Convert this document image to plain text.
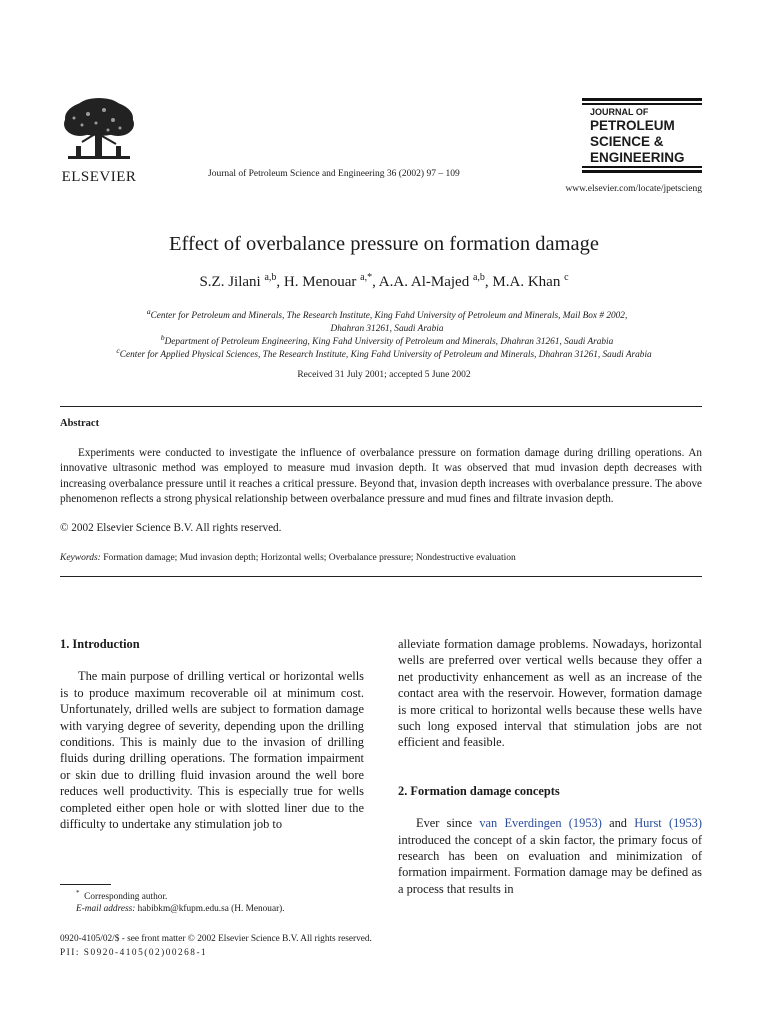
ELSEVIER	Journal of Petroleum Science and Engineering 36 (2002) 97 – 109
JOURNAL OF
PETROLEUM
SCIENCE &
ENGINEERING
www.elsevier.com/locate/jpetscieng
Effect of overbalance pressure on formation damage
S.Z. Jilani $^{a,b}$, H. Menouar $^{a,*}$, A.A. Al-Majed $^{a,b}$, M.A. Khan $^c$
$^a$Center for Petroleum and Minerals, The Research Institute, King Fahd University of Petroleum and Minerals, Mail Box # 2002,
Dhahran 31261, Saudi Arabia
$^b$Department of Petroleum Engineering, King Fahd University of Petroleum and Minerals, Dhahran 31261, Saudi Arabia
$^c$Center for Applied Physical Sciences, The Research Institute, King Fahd University of Petroleum and Minerals, Dhahran 31261, Saudi Arabia
Received 31 July 2001; accepted 5 June 2002
Abstract
Experiments were conducted to investigate the influence of overbalance pressure on formation damage during drilling operations. An innovative ultrasonic method was employed to measure mud invasion depth. It was observed that mud invasion depth decreases with increasing overbalance pressure until it reaches a critical pressure. Beyond that, invasion depth increases with overbalance pressure. The above phenomenon reflects a strong physical relationship between overbalance pressure and mud fines and filtrate invasion depth.
© 2002 Elsevier Science B.V. All rights reserved.
Keywords: Formation damage; Mud invasion depth; Horizontal wells; Overbalance pressure; Nondestructive evaluation
1. Introduction
The main purpose of drilling vertical or horizontal wells is to produce maximum recoverable oil at minimum cost. Unfortunately, drilled wells are subject to formation damage with varying degree of severity, depending upon the drilling conditions. This is mainly due to the invasion of drilling fluids during drilling operations. The formation impairment or skin due to drilling fluid invasion around the well bore reduces well productivity. This is especially true for wells completed either open hole or with slotted liner due to the difficulty to undertake any stimulation job to
alleviate formation damage problems. Nowadays, horizontal wells are preferred over vertical wells because they offer a net productivity enhancement as well as an increase of the contact area with the reservoir. However, formation damage is more critical to horizontal wells because these wells have such long exposed interval that stimulation jobs are not efficient and feasible.
2. Formation damage concepts
Ever since van Everdingen (1953) and Hurst (1953) introduced the concept of a skin factor, the primary focus of research has been on evaluation and minimization of formation impairment. Formation damage may be defined as a process that results in
* Corresponding author.
E-mail address: habibkm@kfupm.edu.sa (H. Menouar).
0920-4105/02/$ - see front matter © 2002 Elsevier Science B.V. All rights reserved.
PII: S0920-4105(02)00268-1
